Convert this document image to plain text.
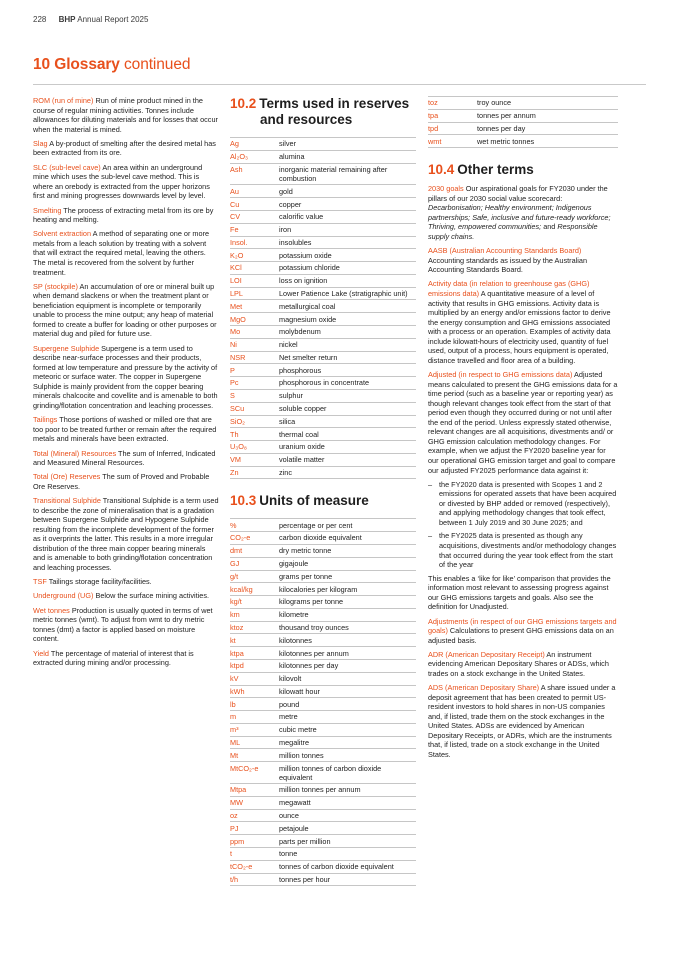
228 BHP Annual Report 2025
10 Glossary continued

ROM (run of mine) Run of mine product mined in the course of regular mining activities. Tonnes include allowances for diluting materials and for losses that occur when the material is mined.

Slag A by-product of smelting after the desired metal has been extracted from its ore.

SLC (sub-level cave) An area within an underground mine which uses the sub-level cave method. This is where an orebody is extracted from the upper horizons first and mining progresses downwards level by level.

Smelting The process of extracting metal from its ore by heating and melting.

Solvent extraction A method of separating one or more metals from a leach solution by treating with a solvent that will extract the required metal, leaving the others. The metal is recovered from the solvent by further treatment.

SP (stockpile) An accumulation of ore or mineral built up when demand slackens or when the treatment plant or beneficiation equipment is incomplete or temporarily unable to process the mine output; any heap of material formed to create a buffer for loading or other purposes or material dug and piled for future use.

Supergene Sulphide Supergene is a term used to describe near-surface processes and their products, formed at low temperature and pressure by the activity of meteoric or surface water. The copper in Supergene Sulphide is mainly provident from the copper bearing minerals chalcocite and covellite and is amenable to both grinding/flotation concentration and leaching processes.

Tailings Those portions of washed or milled ore that are too poor to be treated further or remain after the required metals and minerals have been extracted.

Total (Mineral) Resources The sum of Inferred, Indicated and Measured Mineral Resources.

Total (Ore) Reserves The sum of Proved and Probable Ore Reserves.

Transitional Sulphide Transitional Sulphide is a term used to describe the zone of mineralisation that is a gradation between Supergene Sulphide and Hypogene Sulphide resulting from the incomplete development of the former as it overprints the latter. This results in a more irregular distribution of the three main copper bearing minerals and is amenable to both grinding/flotation concentration and leaching processes.

TSF Tailings storage facility/facilities.

Underground (UG) Below the surface mining activities.

Wet tonnes Production is usually quoted in terms of wet metric tonnes (wmt). To adjust from wmt to dry metric tonnes (dmt) a factor is applied based on moisture content.

Yield The percentage of material of interest that is extracted during mining and/or processing.

10.2 Terms used in reserves
and resources
Ag	silver
Al₂O₃	alumina
Ash	inorganic material remaining after combustion
Au	gold
Cu	copper
CV	calorific value
Fe	iron
Insol.	insolubles
K₂O	potassium oxide
KCl	potassium chloride
LOI	loss on ignition
LPL	Lower Patience Lake (stratigraphic unit)
Met	metallurgical coal
MgO	magnesium oxide
Mo	molybdenum
Ni	nickel
NSR	Net smelter return
P	phosphorous
Pc	phosphorous in concentrate
S	sulphur
SCu	soluble copper
SiO₂	silica
Th	thermal coal
U₃O₈	uranium oxide
VM	volatile matter
Zn	zinc
10.3 Units of measure
%	percentage or per cent
CO₂-e	carbon dioxide equivalent
dmt	dry metric tonne
GJ	gigajoule
g/t	grams per tonne
kcal/kg	kilocalories per kilogram
kg/t	kilograms per tonne
km	kilometre
ktoz	thousand troy ounces
kt	kilotonnes
ktpa	kilotonnes per annum
ktpd	kilotonnes per day
kV	kilovolt
kWh	kilowatt hour
lb	pound
m	metre
m³	cubic metre
ML	megalitre
Mt	million tonnes
MtCO₂-e	million tonnes of carbon dioxide equivalent
Mtpa	million tonnes per annum
MW	megawatt
oz	ounce
PJ	petajoule
ppm	parts per million
t	tonne
tCO₂-e	tonnes of carbon dioxide equivalent
t/h	tonnes per hour
toz	troy ounce
tpa	tonnes per annum
tpd	tonnes per day
wmt	wet metric tonnes
10.4 Other terms

2030 goals Our aspirational goals for FY2030 under the pillars of our 2030 social value scorecard: Decarbonisation; Healthy environment; Indigenous partnerships; Safe, inclusive and future-ready workforce; Thriving, empowered communities; and Responsible supply chains.

AASB (Australian Accounting Standards Board) Accounting standards as issued by the Australian Accounting Standards Board.

Activity data (in relation to greenhouse gas (GHG) emissions data) A quantitative measure of a level of activity that results in GHG emissions. Activity data is multiplied by an energy and/or emissions factor to derive the energy consumption and GHG emissions associated with a process or an operation. Examples of activity data include kilowatt-hours of electricity used, quantity of fuel used, output of a process, hours equipment is operated, distance travelled and floor area of a building.

Adjusted (in respect to GHG emissions data) Adjusted means calculated to present the GHG emissions data for a time period (such as a baseline year or reporting year) as though relevant changes took effect from the start of that period even though they occurred during or not until after the end of the period. Unless expressly stated otherwise, relevant changes are all acquisitions, divestments and/ or GHG emission calculation methodology changes. For example, when we adjust the FY2020 baseline year for our operational GHG emission target and goal to compare our adjusted FY2025 performance data against it:

– the FY2020 data is presented with Scopes 1 and 2 emissions for operated assets that have been acquired or divested by BHP added or removed (respectively), and applying methodology changes that took effect, between 1 July 2019 and 30 June 2025; and
– the FY2025 data is presented as though any acquisitions, divestments and/or methodology changes that occurred during the year took effect from the start of the year

This enables a ‘like for like’ comparison that provides the information most relevant to assessing progress against our GHG emissions targets and goals. Also see the definition for Unadjusted.

Adjustments (in respect of our GHG emissions targets and goals) Calculations to present GHG emissions data on an adjusted basis.

ADR (American Depositary Receipt) An instrument evidencing American Depositary Shares or ADSs, which trades on a stock exchange in the United States.

ADS (American Depositary Share) A share issued under a deposit agreement that has been created to permit US-resident investors to hold shares in non-US companies and, if listed, trade them on the stock exchanges in the United States. ADSs are evidenced by American Depositary Receipts, or ADRs, which are the instruments that, if listed, trade on a stock exchange in the United States.
